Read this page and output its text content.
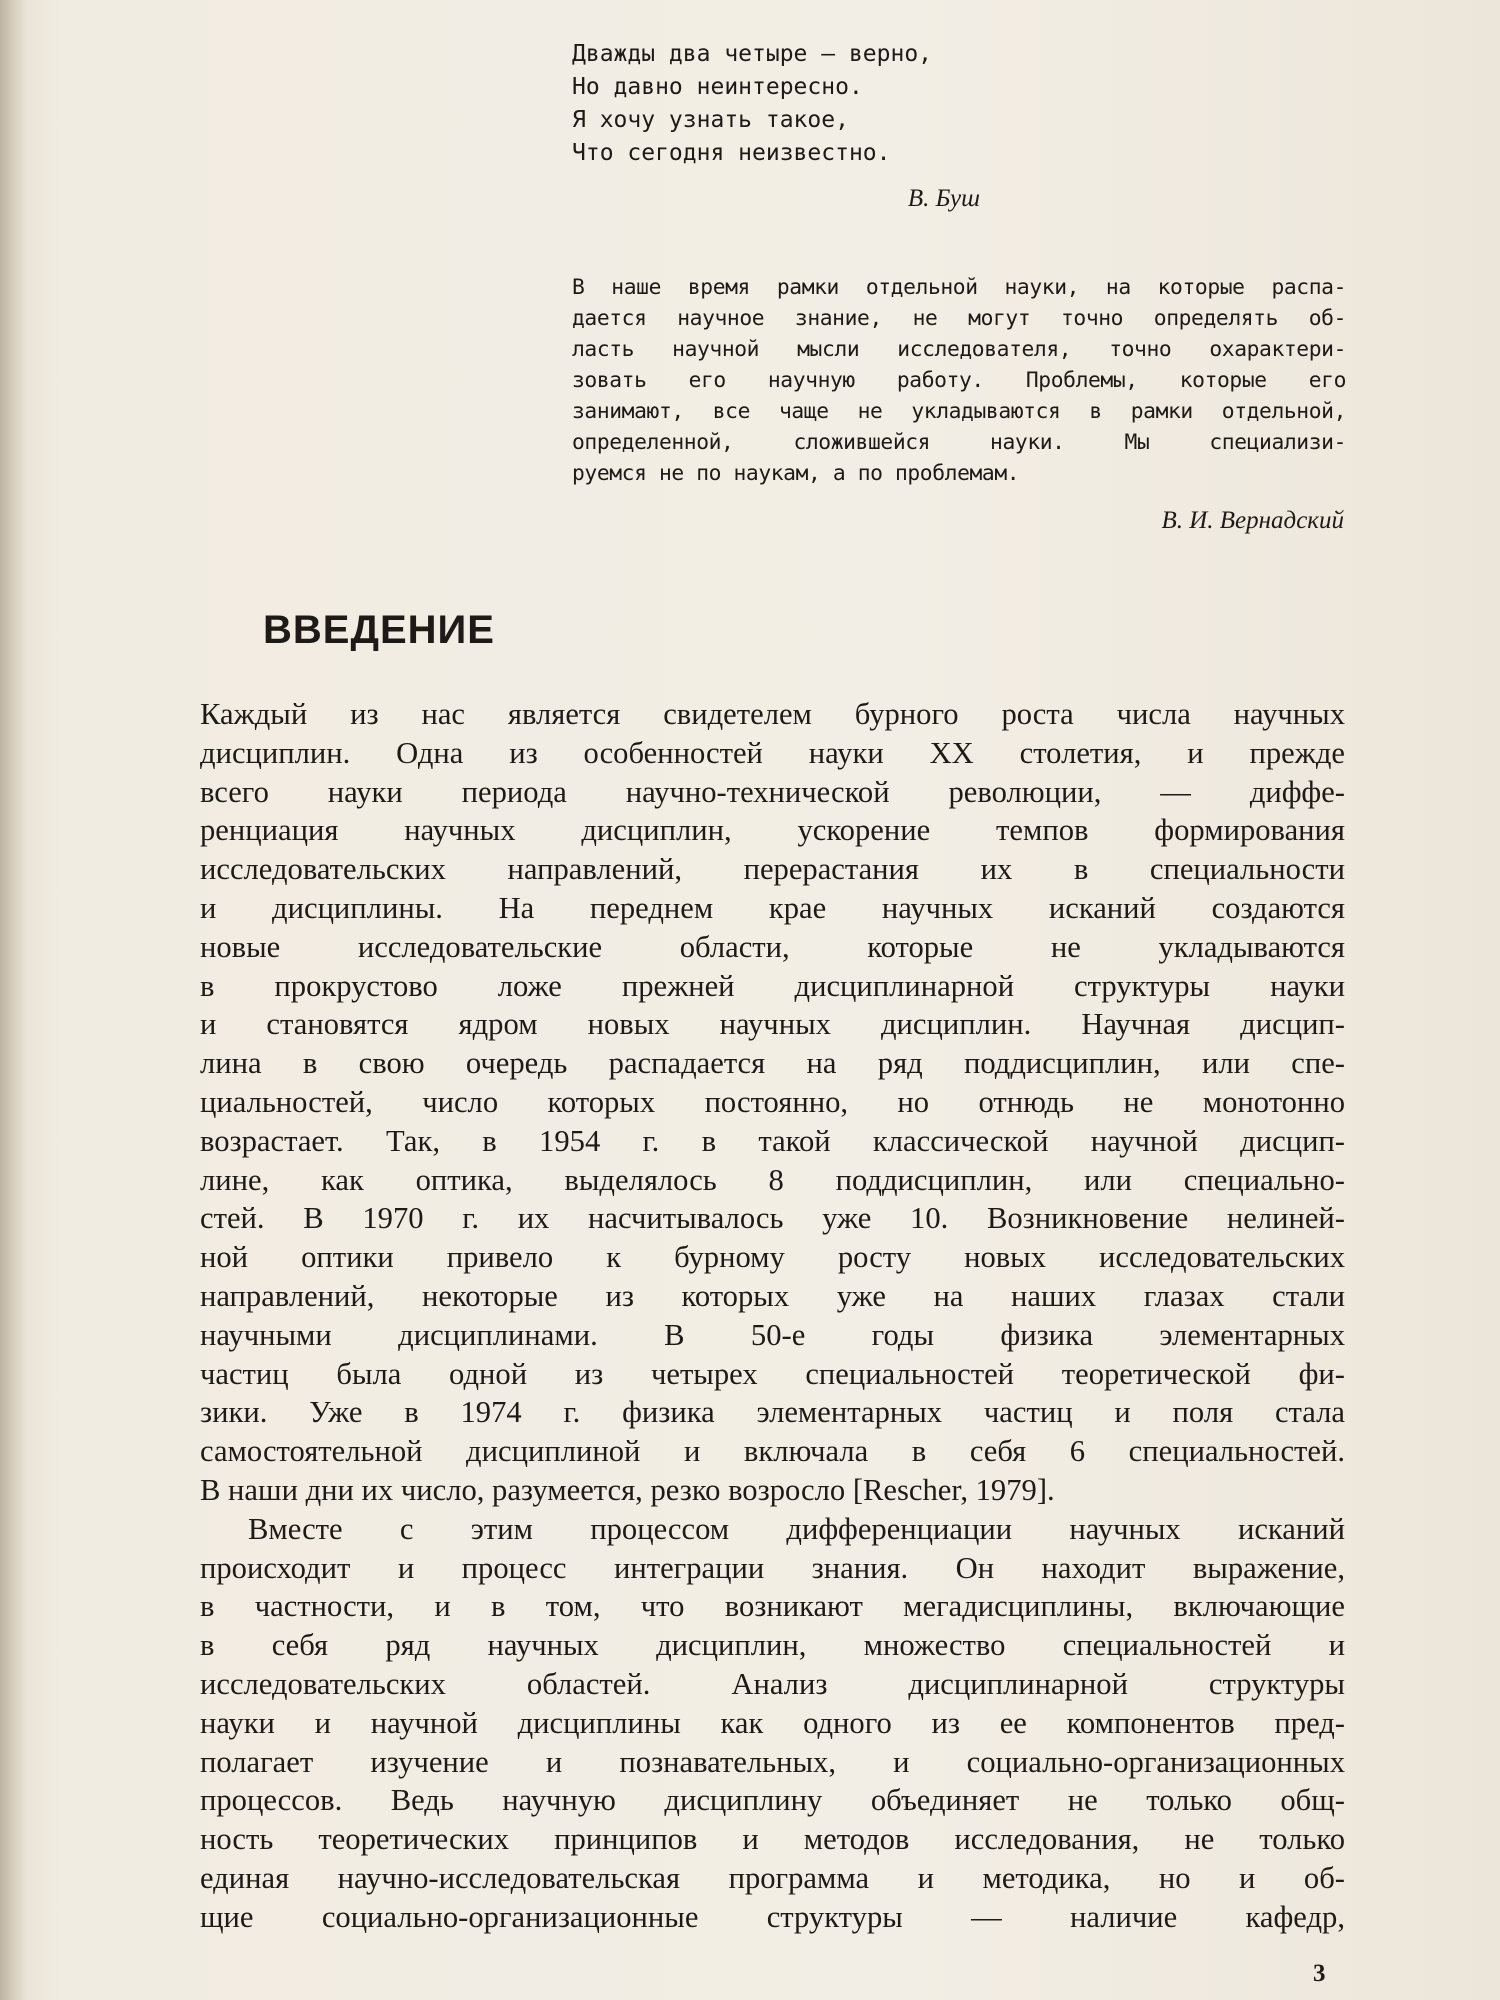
Дважды два четыре — верно,
Но давно неинтересно.
Я хочу узнать такое,
Что сегодня неизвестно.
В. Буш
В наше время рамки отдельной науки, на которые распа-
дается научное знание, не могут точно определять об-
ласть научной мысли исследователя, точно охарактери-
зовать его научную работу. Проблемы, которые его
занимают, все чаще не укладываются в рамки отдельной,
определенной, сложившейся науки. Мы специализи-
руемся не по наукам, а по проблемам.
В. И. Вернадский
ВВЕДЕНИЕ
Каждый из нас является свидетелем бурного роста числа научных
дисциплин. Одна из особенностей науки XX столетия, и прежде
всего науки периода научно-технической революции, — диффе-
ренциация научных дисциплин, ускорение темпов формирования
исследовательских направлений, перерастания их в специальности
и дисциплины. На переднем крае научных исканий создаются
новые исследовательские области, которые не укладываются
в прокрустово ложе прежней дисциплинарной структуры науки
и становятся ядром новых научных дисциплин. Научная дисцип-
лина в свою очередь распадается на ряд поддисциплин, или спе-
циальностей, число которых постоянно, но отнюдь не монотонно
возрастает. Так, в 1954 г. в такой классической научной дисцип-
лине, как оптика, выделялось 8 поддисциплин, или специально-
стей. В 1970 г. их насчитывалось уже 10. Возникновение нелиней-
ной оптики привело к бурному росту новых исследовательских
направлений, некоторые из которых уже на наших глазах стали
научными дисциплинами. В 50-е годы физика элементарных
частиц была одной из четырех специальностей теоретической фи-
зики. Уже в 1974 г. физика элементарных частиц и поля стала
самостоятельной дисциплиной и включала в себя 6 специальностей.
В наши дни их число, разумеется, резко возросло [Rescher, 1979].
Вместе с этим процессом дифференциации научных исканий
происходит и процесс интеграции знания. Он находит выражение,
в частности, и в том, что возникают мегадисциплины, включающие
в себя ряд научных дисциплин, множество специальностей и
исследовательских областей. Анализ дисциплинарной структуры
науки и научной дисциплины как одного из ее компонентов пред-
полагает изучение и познавательных, и социально-организационных
процессов. Ведь научную дисциплину объединяет не только общ-
ность теоретических принципов и методов исследования, не только
единая научно-исследовательская программа и методика, но и об-
щие социально-организационные структуры — наличие кафедр,
3
